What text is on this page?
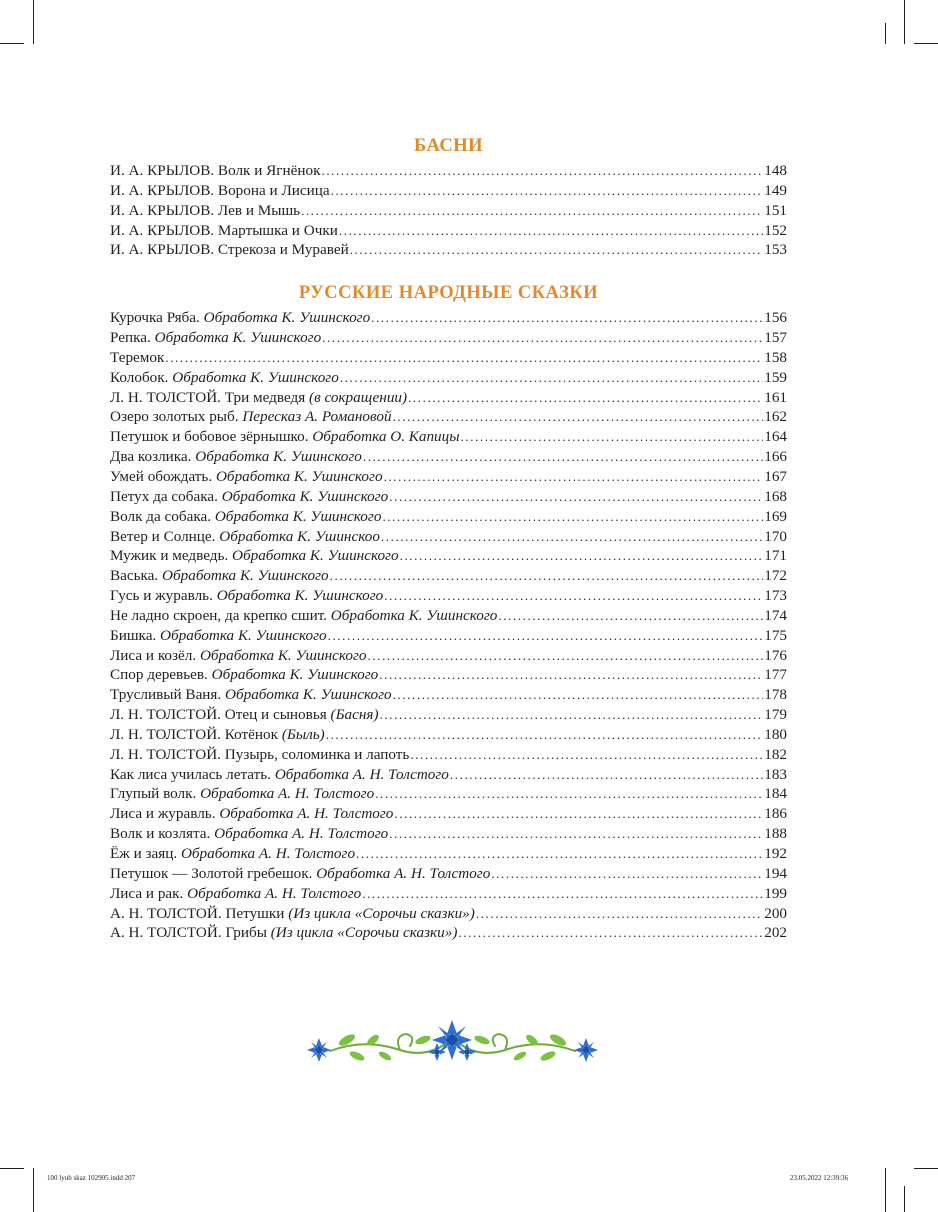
БАСНИ
И. А. КРЫЛОВ. Волк и Ягнёнок .....	148
И. А. КРЫЛОВ. Ворона и Лисица .....	149
И. А. КРЫЛОВ. Лев и Мышь .....	151
И. А. КРЫЛОВ. Мартышка и Очки .....	152
И. А. КРЫЛОВ. Стрекоза и Муравей .....	153
РУССКИЕ НАРОДНЫЕ СКАЗКИ
Курочка Ряба. Обработка К. Ушинского .....	156
Репка. Обработка К. Ушинского .....	157
Теремок .....	158
Колобок. Обработка К. Ушинского .....	159
Л. Н. ТОЛСТОЙ. Три медведя (в сокращении) .....	161
Озеро золотых рыб. Пересказ А. Романовой .....	162
Петушок и бобовое зёрнышко. Обработка О. Капицы .....	164
Два козлика. Обработка К. Ушинского .....	166
Умей обождать. Обработка К. Ушинского .....	167
Петух да собака. Обработка К. Ушинского .....	168
Волк да собака. Обработка К. Ушинского .....	169
Ветер и Солнце. Обработка К. Ушинскоо .....	170
Мужик и медведь. Обработка К. Ушинского .....	171
Васька. Обработка К. Ушинского .....	172
Гусь и журавль. Обработка К. Ушинского .....	173
Не ладно скроен, да крепко сшит. Обработка К. Ушинского .....	174
Бишка. Обработка К. Ушинского .....	175
Лиса и козёл. Обработка К. Ушинского .....	176
Спор деревьев. Обработка К. Ушинского .....	177
Трусливый Ваня. Обработка К. Ушинского .....	178
Л. Н. ТОЛСТОЙ. Отец и сыновья (Басня) .....	179
Л. Н. ТОЛСТОЙ. Котёнок (Быль) .....	180
Л. Н. ТОЛСТОЙ. Пузырь, соломинка и лапоть .....	182
Как лиса училась летать. Обработка А. Н. Толстого .....	183
Глупый волк. Обработка А. Н. Толстого .....	184
Лиса и журавль. Обработка А. Н. Толстого .....	186
Волк и козлята. Обработка А. Н. Толстого .....	188
Ёж и заяц. Обработка А. Н. Толстого .....	192
Петушок — Золотой гребешок. Обработка А. Н. Толстого .....	194
Лиса и рак. Обработка А. Н. Толстого .....	199
А. Н. ТОЛСТОЙ. Петушки (Из цикла «Сорочьи сказки») .....	200
А. Н. ТОЛСТОЙ. Грибы (Из цикла «Сорочьи сказки») .....	202
100 lyub skaz 102905.indd 207	23.05.2022 12:39:36
